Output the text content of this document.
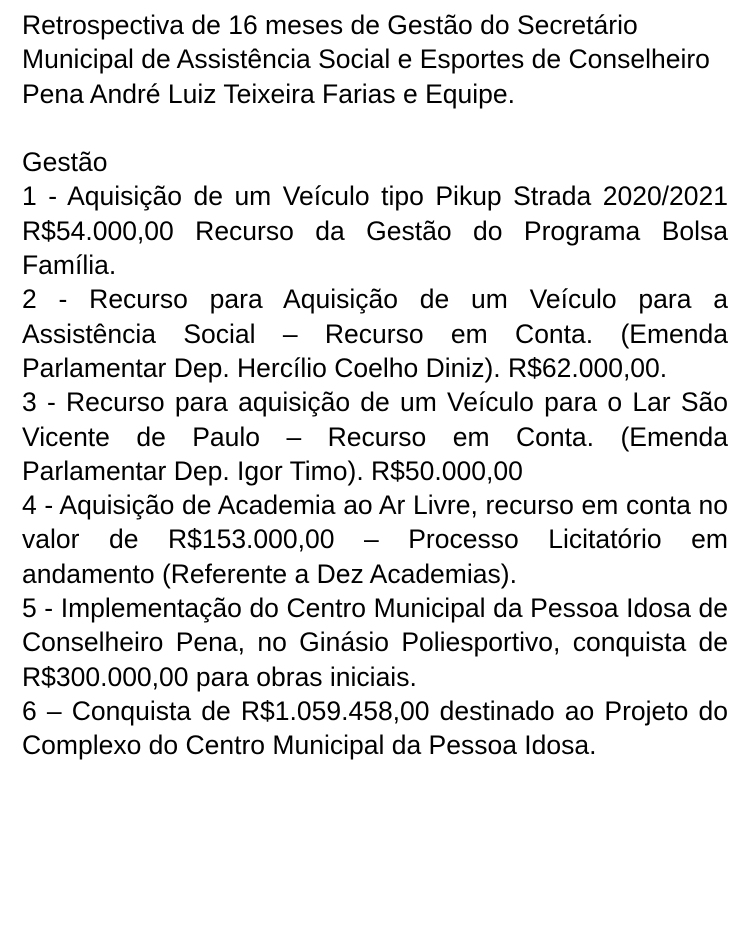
Retrospectiva de 16 meses de Gestão do Secretário Municipal de Assistência Social e Esportes de Conselheiro Pena André Luiz Teixeira Farias e Equipe.

Gestão

1 - Aquisição de um Veículo tipo Pikup Strada 2020/2021 R$54.000,00 Recurso da Gestão do Programa Bolsa Família.

2 - Recurso para Aquisição de um Veículo para a Assistência Social – Recurso em Conta. (Emenda Parlamentar Dep. Hercílio Coelho Diniz). R$62.000,00.

3 - Recurso para aquisição de um Veículo para o Lar São Vicente de Paulo – Recurso em Conta. (Emenda Parlamentar Dep. Igor Timo). R$50.000,00

4 - Aquisição de Academia ao Ar Livre, recurso em conta no valor de R$153.000,00 – Processo Licitatório em andamento (Referente a Dez Academias).

5 - Implementação do Centro Municipal da Pessoa Idosa de Conselheiro Pena, no Ginásio Poliesportivo, conquista de R$300.000,00 para obras iniciais.

6 – Conquista de R$1.059.458,00 destinado ao Projeto do Complexo do Centro Municipal da Pessoa Idosa.
